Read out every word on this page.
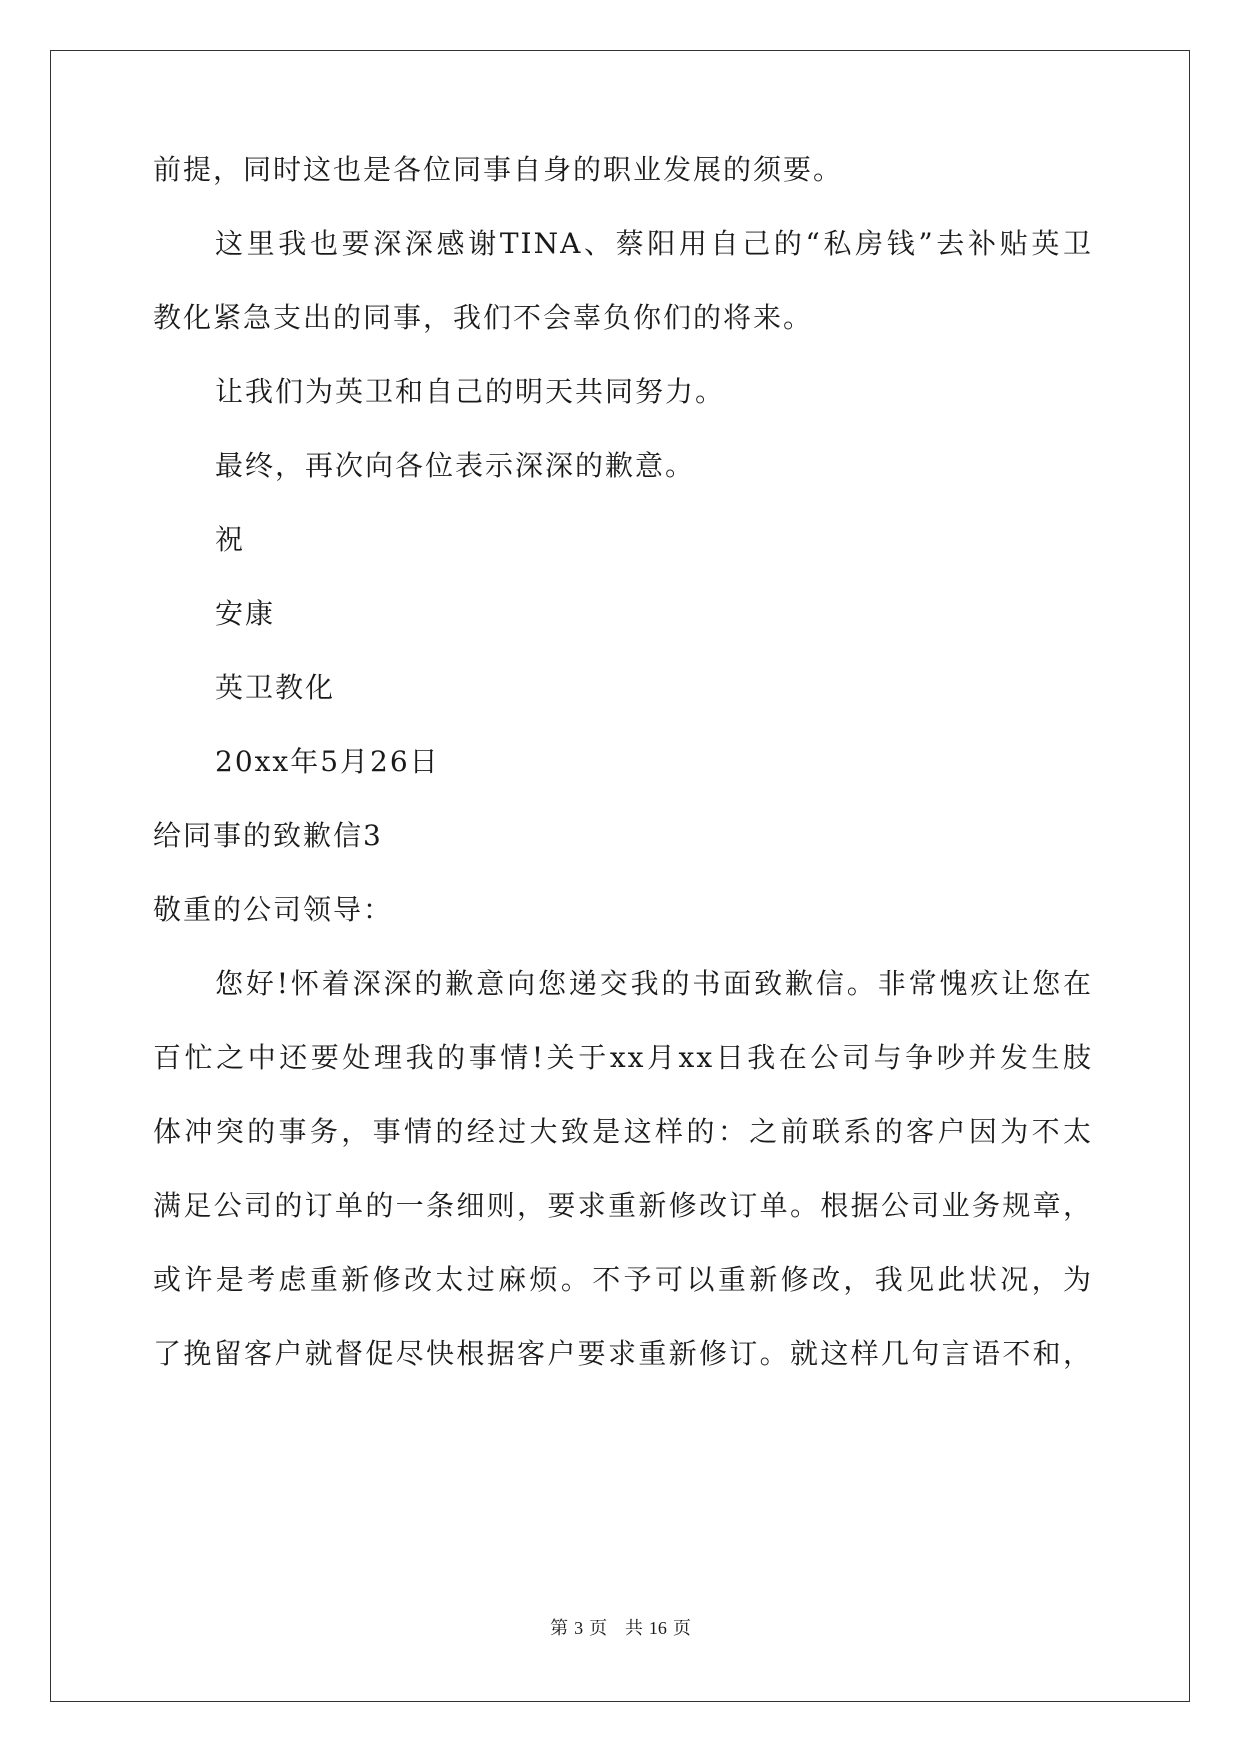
前提，同时这也是各位同事自身的职业发展的须要。
这里我也要深深感谢TINA、蔡阳用自己的“私房钱”去补贴英卫
教化紧急支出的同事，我们不会辜负你们的将来。
让我们为英卫和自己的明天共同努力。
最终，再次向各位表示深深的歉意。
祝
安康
英卫教化
20xx年5月26日
给同事的致歉信3
敬重的公司领导：
您好!怀着深深的歉意向您递交我的书面致歉信。非常愧疚让您在
百忙之中还要处理我的事情!关于xx月xx日我在公司与争吵并发生肢
体冲突的事务，事情的经过大致是这样的：之前联系的客户因为不太
满足公司的订单的一条细则，要求重新修改订单。根据公司业务规章，
或许是考虑重新修改太过麻烦。不予可以重新修改，我见此状况，为
了挽留客户就督促尽快根据客户要求重新修订。就这样几句言语不和，
第 3 页 共 16 页
